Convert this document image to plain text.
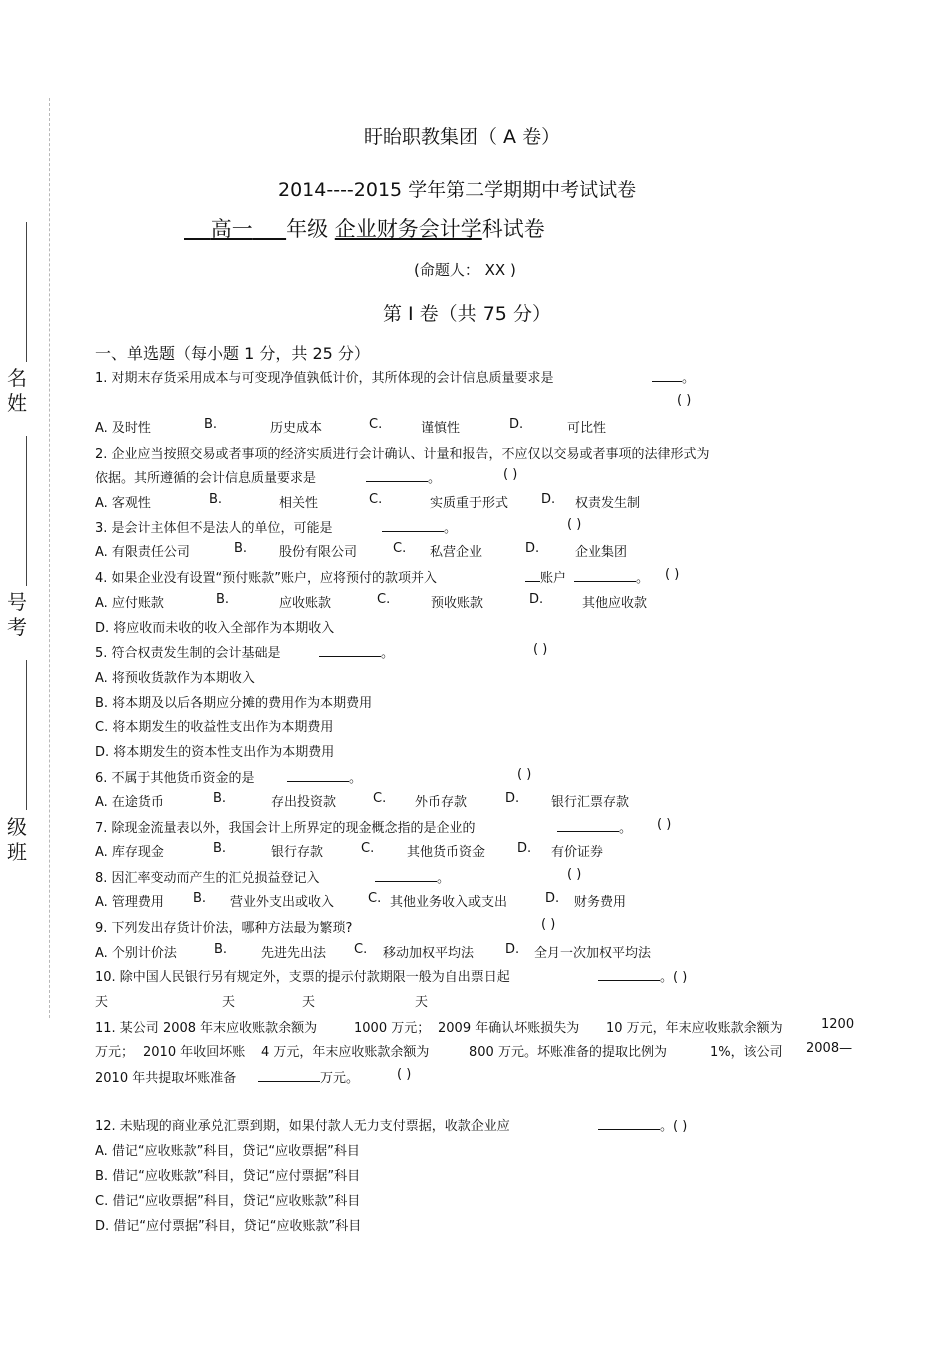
名
姓
号
考
级
班
盱眙职教集团（ A 卷）
2014----2015 学年第二学期期中考试试卷
高一 年级 企业财务会计学科试卷
(命题人： XX )
第 I 卷（共 75 分）
一、单选题（每小题 1 分，共 25 分）
1. 对期末存货采用成本与可变现净值孰低计价，其所体现的会计信息质量要求是	。
( )
A. 及时性	B.	历史成本	C.	谨慎性	D.	可比性
2. 企业应当按照交易或者事项的经济实质进行会计确认、计量和报告，不应仅以交易或者事项的法律形式为
依据。其所遵循的会计信息质量要求是	。	( )
A. 客观性	B.	相关性	C.	实质重于形式	D. 权责发生制
3. 是会计主体但不是法人的单位，可能是	。	( )
A. 有限责任公司	B. 股份有限公司	C. 私营企业	D.	企业集团
4. 如果企业没有设置“预付账款”账户，应将预付的款项并入	账户	。 ( )
A. 应付账款	B.	应收账款	C.	预收账款	D.	其他应收款
D. 将应收而未收的收入全部作为本期收入
5. 符合权责发生制的会计基础是	。	( )
A. 将预收货款作为本期收入
B. 将本期及以后各期应分摊的费用作为本期费用
C. 将本期发生的收益性支出作为本期费用
D. 将本期发生的资本性支出作为本期费用
6. 不属于其他货币资金的是	。	( )
A. 在途货币	B.	存出投资款	C. 外币存款	D. 银行汇票存款
7. 除现金流量表以外，我国会计上所界定的现金概念指的是企业的	。 ( )
A. 库存现金	B.	银行存款	C.	其他货币资金 D. 有价证券
8. 因汇率变动而产生的汇兑损益登记入	。	( )
A. 管理费用 B. 营业外支出或收入	C. 其他业务收入或支出	D. 财务费用
9. 下列发出存货计价法，哪种方法最为繁琐?	( )
A. 个别计价法	B.	先进先出法 C. 移动加权平均法 D. 全月一次加权平均法
10. 除中国人民银行另有规定外，支票的提示付款期限一般为自出票日起	。( )
天	天	天	天
11. 某公司 2008 年末应收账款余额为	1000 万元； 2009 年确认坏账损失为 10 万元，年末应收账款余额为	1200
万元； 2010 年收回坏账 4 万元，年末应收账款余额为	800 万元。坏账准备的提取比例为	1%，该公司 2008—
2010 年共提取坏账准备	万元。	( )
12. 未贴现的商业承兑汇票到期，如果付款人无力支付票据，收款企业应	。( )
A. 借记“应收账款”科目，贷记“应收票据”科目
B. 借记“应收账款”科目，贷记“应付票据”科目
C. 借记“应收票据”科目，贷记“应收账款”科目
D. 借记“应付票据”科目，贷记“应收账款”科目
